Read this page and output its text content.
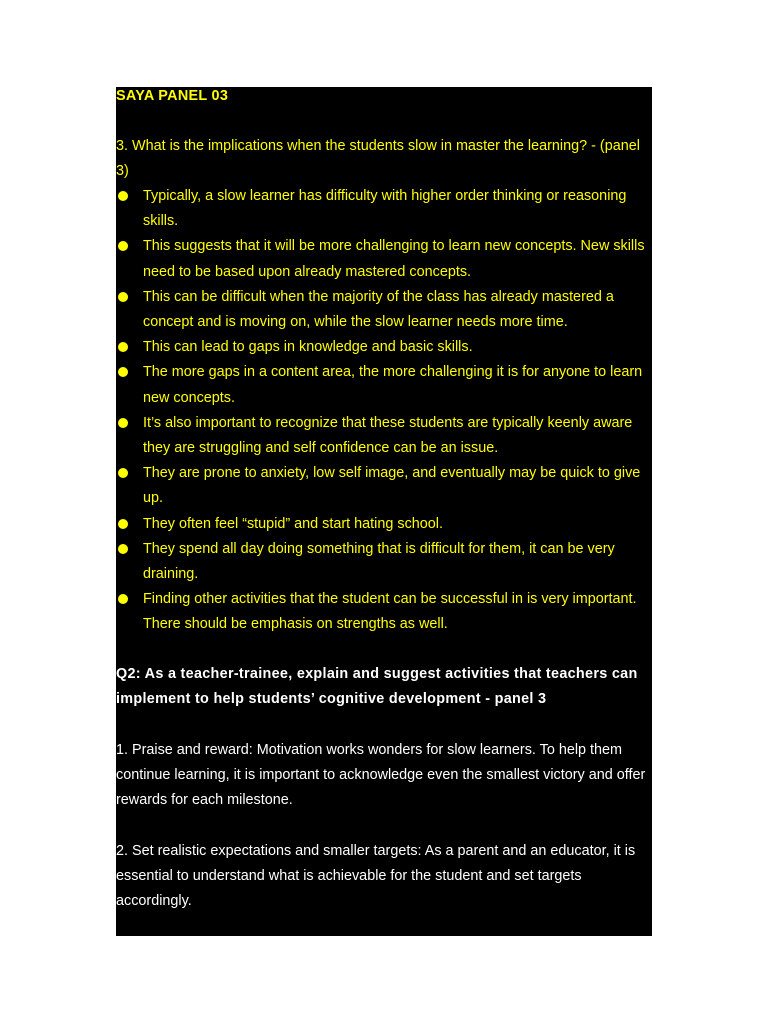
SAYA PANEL 03
3. What is the implications when the students slow in master the learning? - (panel 3)
Typically, a slow learner has difficulty with higher order thinking or reasoning skills.
This suggests that it will be more challenging to learn new concepts. New skills need to be based upon already mastered concepts.
This can be difficult when the majority of the class has already mastered a concept and is moving on, while the slow learner needs more time.
This can lead to gaps in knowledge and basic skills.
The more gaps in a content area, the more challenging it is for anyone to learn new concepts.
It’s also important to recognize that these students are typically keenly aware they are struggling and self confidence can be an issue.
They are prone to anxiety, low self image, and eventually may be quick to give up.
They often feel “stupid” and start hating school.
They spend all day doing something that is difficult for them, it can be very draining.
Finding other activities that the student can be successful in is very important. There should be emphasis on strengths as well.
Q2: As a teacher-trainee, explain and suggest activities that teachers can implement to help students’ cognitive development - panel 3
1. Praise and reward: Motivation works wonders for slow learners. To help them continue learning, it is important to acknowledge even the smallest victory and offer rewards for each milestone.
2. Set realistic expectations and smaller targets: As a parent and an educator, it is essential to understand what is achievable for the student and set targets accordingly.
